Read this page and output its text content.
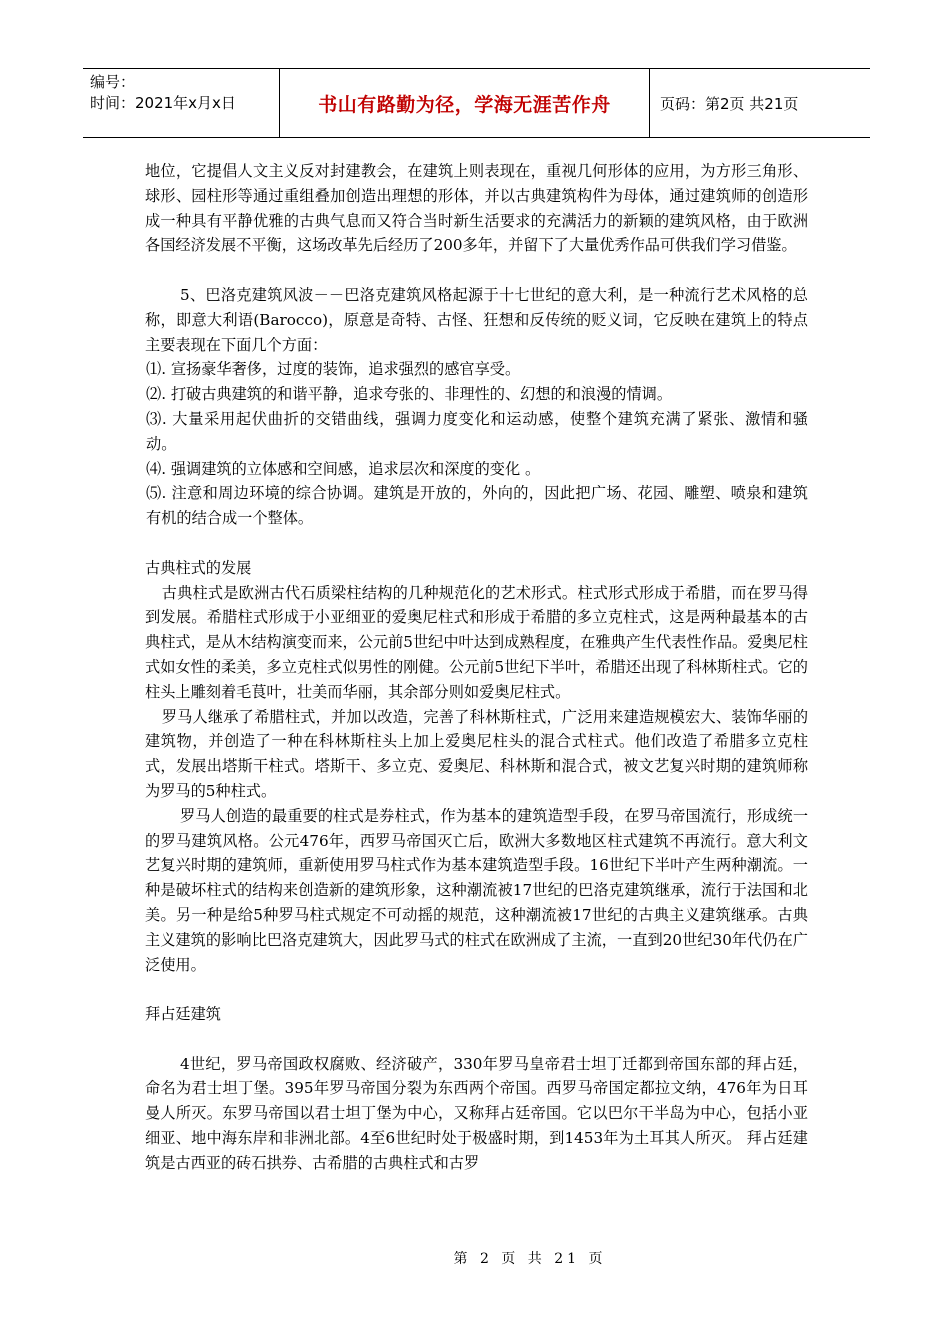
编号：
时间：2021年x月x日	书山有路勤为径，学海无涯苦作舟	页码：第2页 共21页

地位，它提倡人文主义反对封建教会，在建筑上则表现在，重视几何形体的应用，为方形三角形、球形、园柱形等通过重组叠加创造出理想的形体，并以古典建筑构件为母体，通过建筑师的创造形成一种具有平静优雅的古典气息而又符合当时新生活要求的充满活力的新颖的建筑风格，由于欧洲各国经济发展不平衡，这场改革先后经历了200多年，并留下了大量优秀作品可供我们学习借鉴。

5、巴洛克建筑风波－－巴洛克建筑风格起源于十七世纪的意大利，是一种流行艺术风格的总称，即意大利语(Barocco)，原意是奇特、古怪、狂想和反传统的贬义词，它反映在建筑上的特点主要表现在下面几个方面：

⑴. 宣扬豪华奢侈，过度的装饰，追求强烈的感官享受。

⑵. 打破古典建筑的和谐平静，追求夸张的、非理性的、幻想的和浪漫的情调。

⑶. 大量采用起伏曲折的交错曲线，强调力度变化和运动感，使整个建筑充满了紧张、激情和骚动。

⑷. 强调建筑的立体感和空间感，追求层次和深度的变化 。

⑸. 注意和周边环境的综合协调。建筑是开放的，外向的，因此把广场、花园、雕塑、喷泉和建筑有机的结合成一个整体。

古典柱式的发展

古典柱式是欧洲古代石质梁柱结构的几种规范化的艺术形式。柱式形式形成于希腊，而在罗马得到发展。希腊柱式形成于小亚细亚的爱奥尼柱式和形成于希腊的多立克柱式，这是两种最基本的古典柱式，是从木结构演变而来，公元前5世纪中叶达到成熟程度，在雅典产生代表性作品。爱奥尼柱式如女性的柔美，多立克柱式似男性的刚健。公元前5世纪下半叶，希腊还出现了科林斯柱式。它的柱头上雕刻着毛茛叶，壮美而华丽，其余部分则如爱奥尼柱式。

罗马人继承了希腊柱式，并加以改造，完善了科林斯柱式，广泛用来建造规模宏大、装饰华丽的建筑物，并创造了一种在科林斯柱头上加上爱奥尼柱头的混合式柱式。他们改造了希腊多立克柱式，发展出塔斯干柱式。塔斯干、多立克、爱奥尼、科林斯和混合式，被文艺复兴时期的建筑师称为罗马的5种柱式。

罗马人创造的最重要的柱式是券柱式，作为基本的建筑造型手段，在罗马帝国流行，形成统一的罗马建筑风格。公元476年，西罗马帝国灭亡后，欧洲大多数地区柱式建筑不再流行。意大利文艺复兴时期的建筑师，重新使用罗马柱式作为基本建筑造型手段。16世纪下半叶产生两种潮流。一种是破坏柱式的结构来创造新的建筑形象，这种潮流被17世纪的巴洛克建筑继承，流行于法国和北美。另一种是给5种罗马柱式规定不可动摇的规范，这种潮流被17世纪的古典主义建筑继承。古典主义建筑的影响比巴洛克建筑大，因此罗马式的柱式在欧洲成了主流，一直到20世纪30年代仍在广泛使用。

拜占廷建筑

4世纪，罗马帝国政权腐败、经济破产，330年罗马皇帝君士坦丁迁都到帝国东部的拜占廷，命名为君士坦丁堡。395年罗马帝国分裂为东西两个帝国。西罗马帝国定都拉文纳，476年为日耳曼人所灭。东罗马帝国以君士坦丁堡为中心，又称拜占廷帝国。它以巴尔干半岛为中心，包括小亚细亚、地中海东岸和非洲北部。4至6世纪时处于极盛时期，到1453年为土耳其人所灭。 拜占廷建筑是古西亚的砖石拱券、古希腊的古典柱式和古罗

第 2 页 共 21 页
